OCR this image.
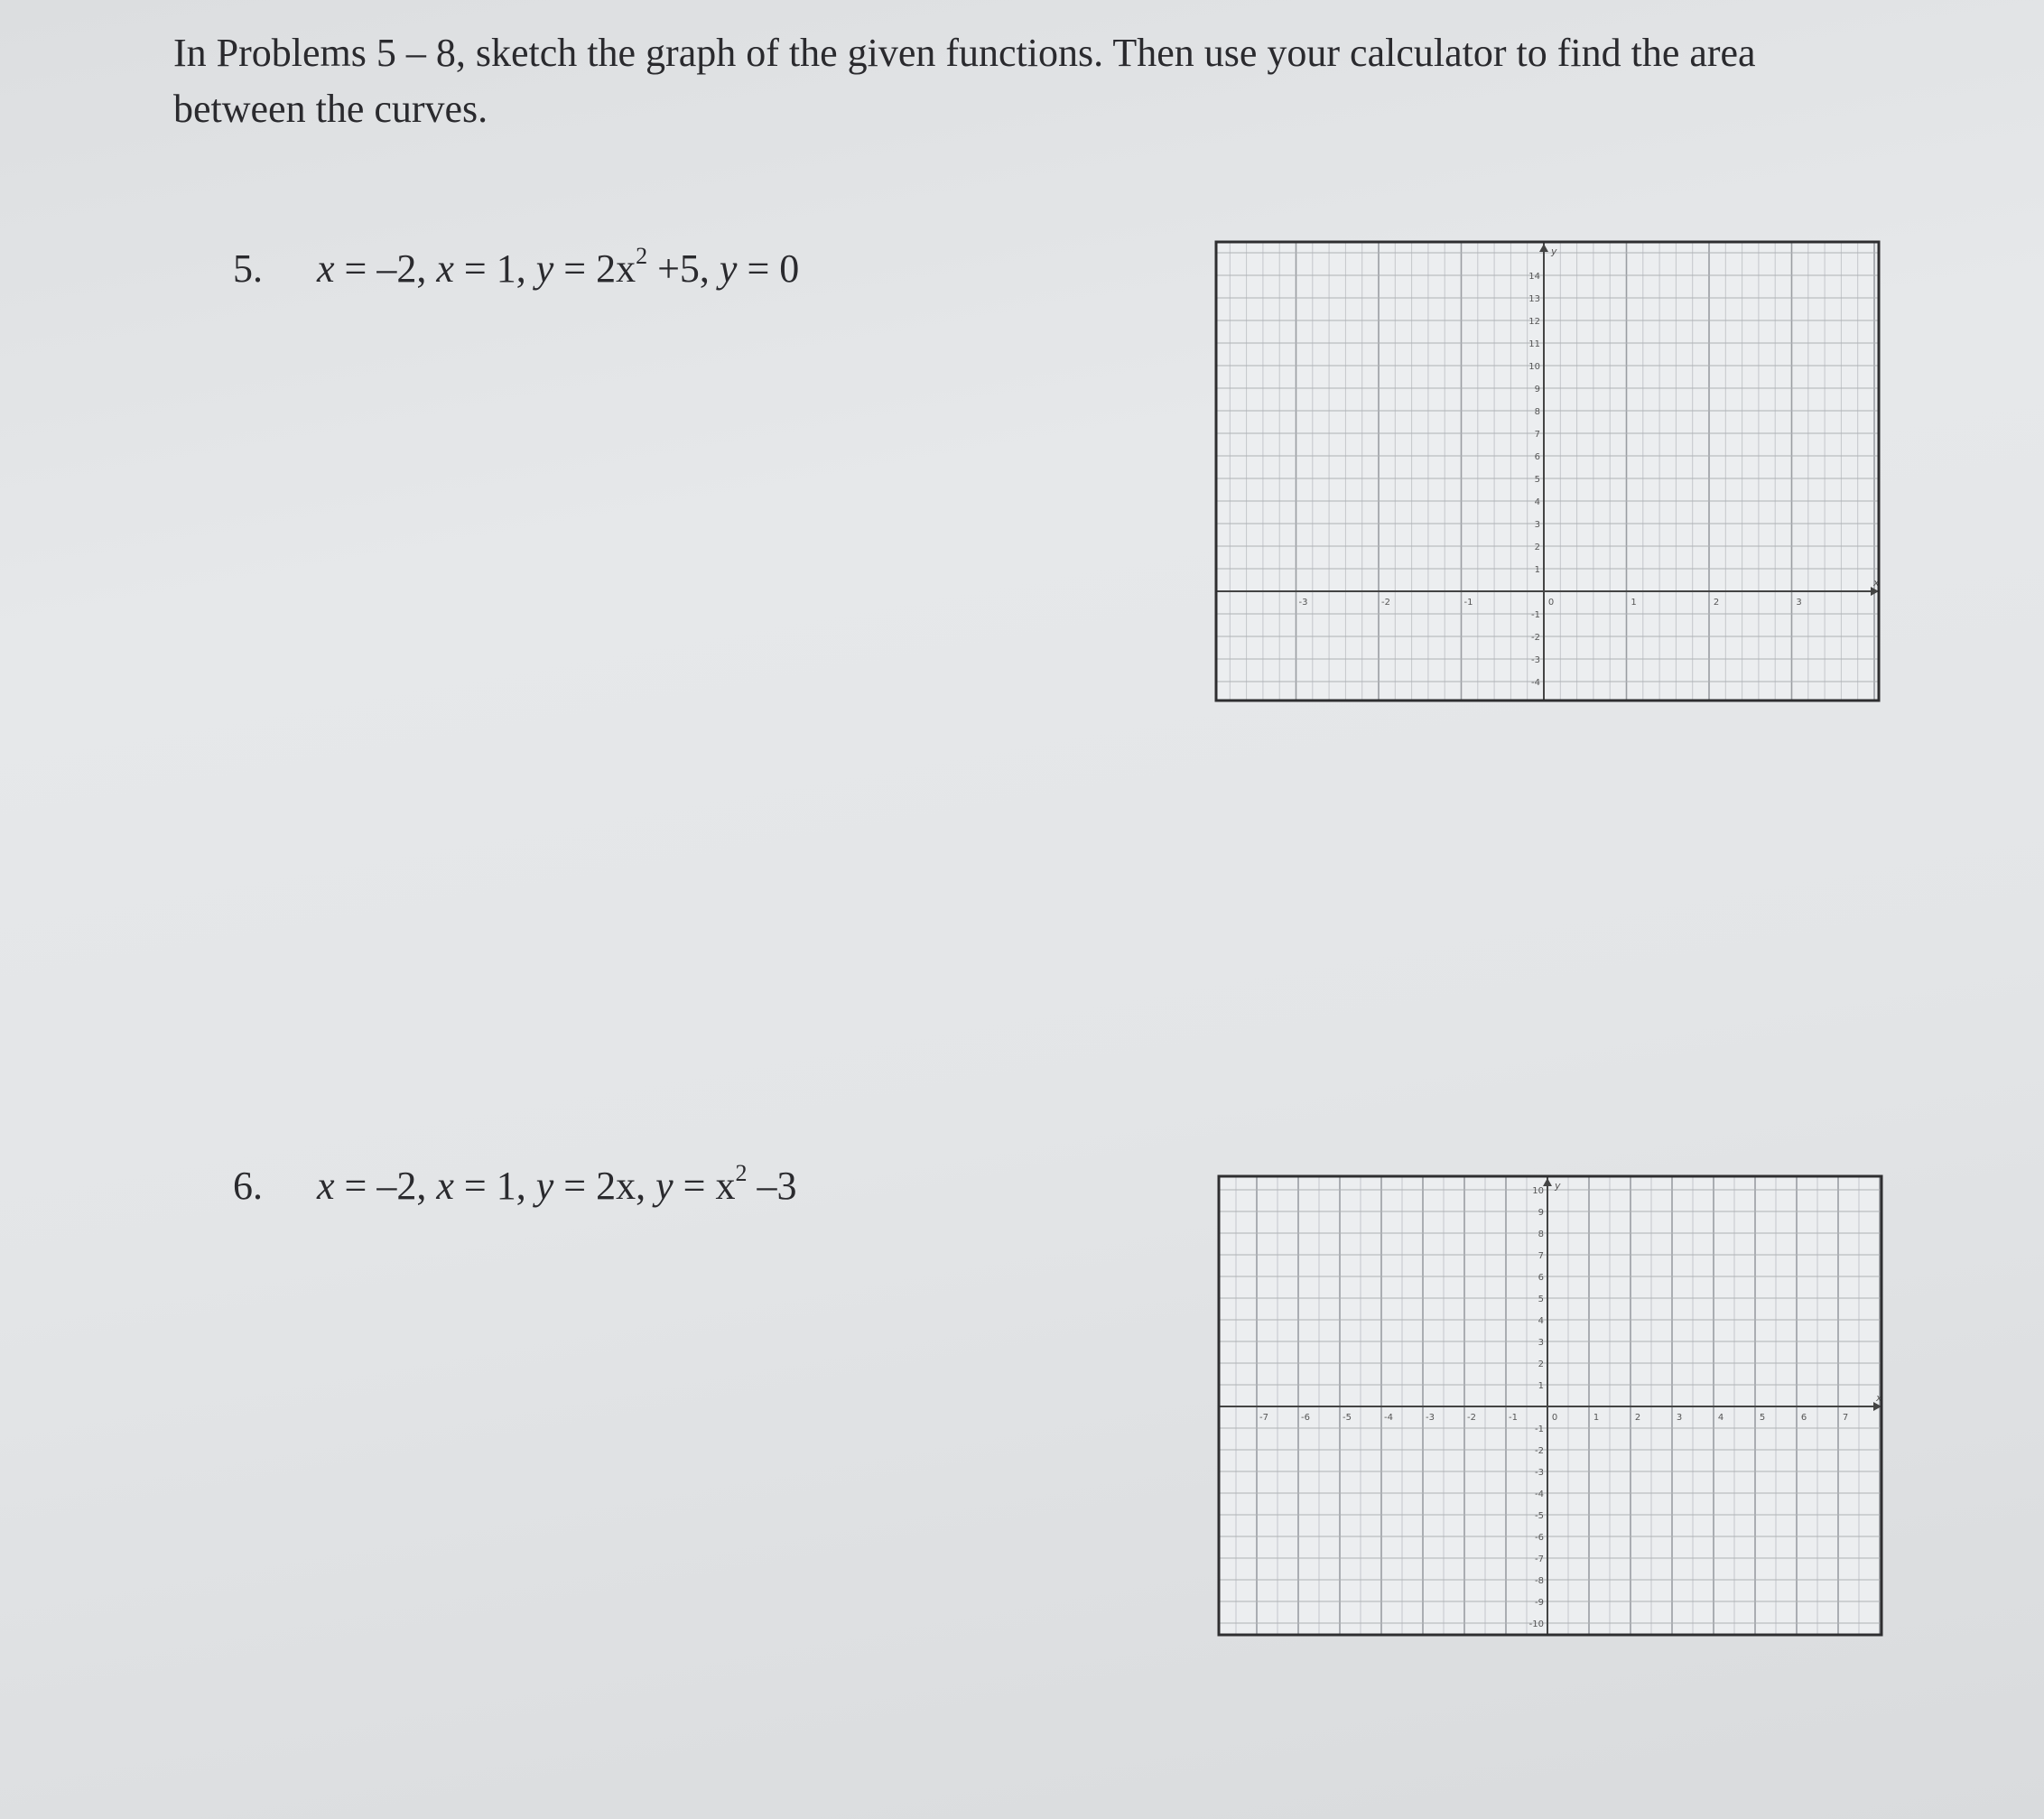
In Problems 5 – 8, sketch the graph of the given functions. Then use your calculator to find the area between the curves.

5. x = –2, x = 1, $y = 2x^2 +5$, y = 0
6. x = –2, x = 1, y = 2x, $y = x^2$ –3
-3	-2	-1	0	1	2	3
14
13
12
11
10
9
8
7
6
5
4
3
2
1
-1
-2
-3
-4
x
y
-7	-6	-5	-4	-3	-2	-1	0	1	2	3	4	5	6	7
10
9
8
7
6
5
4
3
2
1
-1
-2
-3
-4
-5
-6
-7
-8
-9
-10
x
y
